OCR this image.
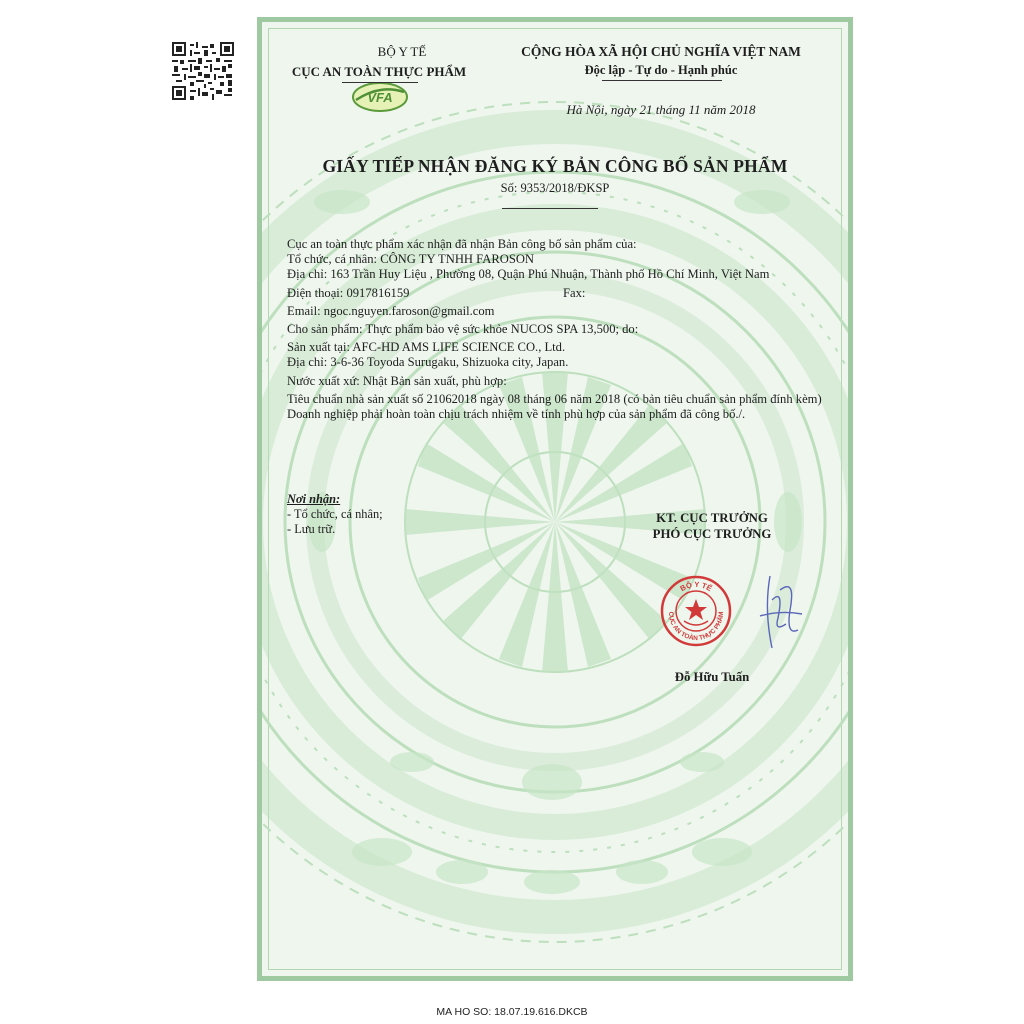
BỘ Y TẾ
CỤC AN TOÀN THỰC PHẨM
VFA
CỘNG HÒA XÃ HỘI CHỦ NGHĨA VIỆT NAM
Độc lập - Tự do - Hạnh phúc
Hà Nội, ngày 21 tháng 11 năm 2018
GIẤY TIẾP NHẬN ĐĂNG KÝ BẢN CÔNG BỐ SẢN PHẨM
Số: 9353/2018/ĐKSP

Cục an toàn thực phẩm xác nhận đã nhận Bản công bố sản phẩm của:

Tổ chức, cá nhân: CÔNG TY TNHH FAROSON

Địa chỉ: 163 Trần Huy Liệu , Phường 08, Quận Phú Nhuận, Thành phố Hồ Chí Minh, Việt Nam

Điện thoại: 0917816159	Fax:

Email: ngoc.nguyen.faroson@gmail.com

Cho sản phẩm: Thực phẩm bảo vệ sức khỏe NUCOS SPA 13,500; do:

Sản xuất tại: AFC-HD AMS LIFE SCIENCE CO., Ltd.

Địa chỉ: 3-6-36 Toyoda Surugaku, Shizuoka city, Japan.

Nước xuất xứ: Nhật Bản sản xuất, phù hợp:

Tiêu chuẩn nhà sản xuất số 21062018 ngày 08 tháng 06 năm 2018 (có bản tiêu chuẩn sản phẩm đính kèm)

Doanh nghiệp phải hoàn toàn chịu trách nhiệm về tính phù hợp của sản phẩm đã công bố./.

Nơi nhận:
- Tổ chức, cá nhân;
- Lưu trữ.
KT. CỤC TRƯỞNG
PHÓ CỤC TRƯỞNG
BỘ Y TẾ
CỤC AN TOÀN THỰC PHẨM
Đỗ Hữu Tuấn
MA HO SO: 18.07.19.616.DKCB
